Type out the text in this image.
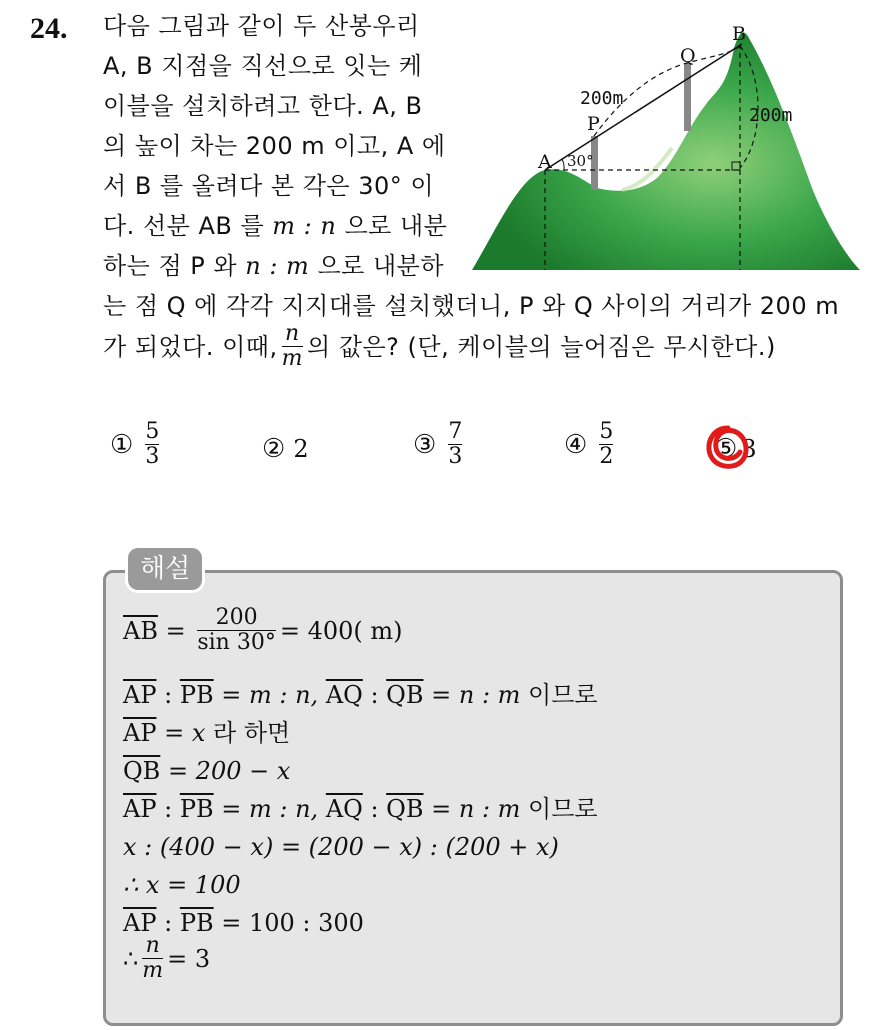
24. 다음 그림과 같이 두 산봉우리
A, B 지점을 직선으로 잇는 케
이블을 설치하려고 한다. A, B
의 높이 차는 200 m 이고, A 에
서 B 를 올려다 본 각은 30° 이
다. 선분 AB 를 m : n 으로 내분
하는 점 P 와 n : m 으로 내분하
는 점 Q 에 각각 지지대를 설치했더니, P 와 Q 사이의 거리가 200 m
가 되었다. 이때, $\frac{n}{m}$ 의 값은? (단, 케이블의 늘어짐은 무시한다.)
A
B
P
Q
200m
200m
30°
① $\frac{5}{3}$	② 2	③ $\frac{7}{3}$	④ $\frac{5}{2}$	⑤ 3
해설
$\overline{AB} = \frac{200}{\sin 30^\circ} = 400$( m)
$\overline{AP}$ : $\overline{PB} = m$ : n, $\overline{AQ}$ : $\overline{QB} = n$ : m 이므로
$\overline{AP} = x$ 라 하면
$\overline{QB} = 200 - x$
$\overline{AP}$ : $\overline{PB} = m$ : n, $\overline{AQ}$ : $\overline{QB} = n$ : m 이므로
x : (400 − x) = (200 − x) : (200 + x)
∴ x = 100
$\overline{AP}$ : $\overline{PB} = 100$ : 300
∴ $\frac{n}{m} = 3$
